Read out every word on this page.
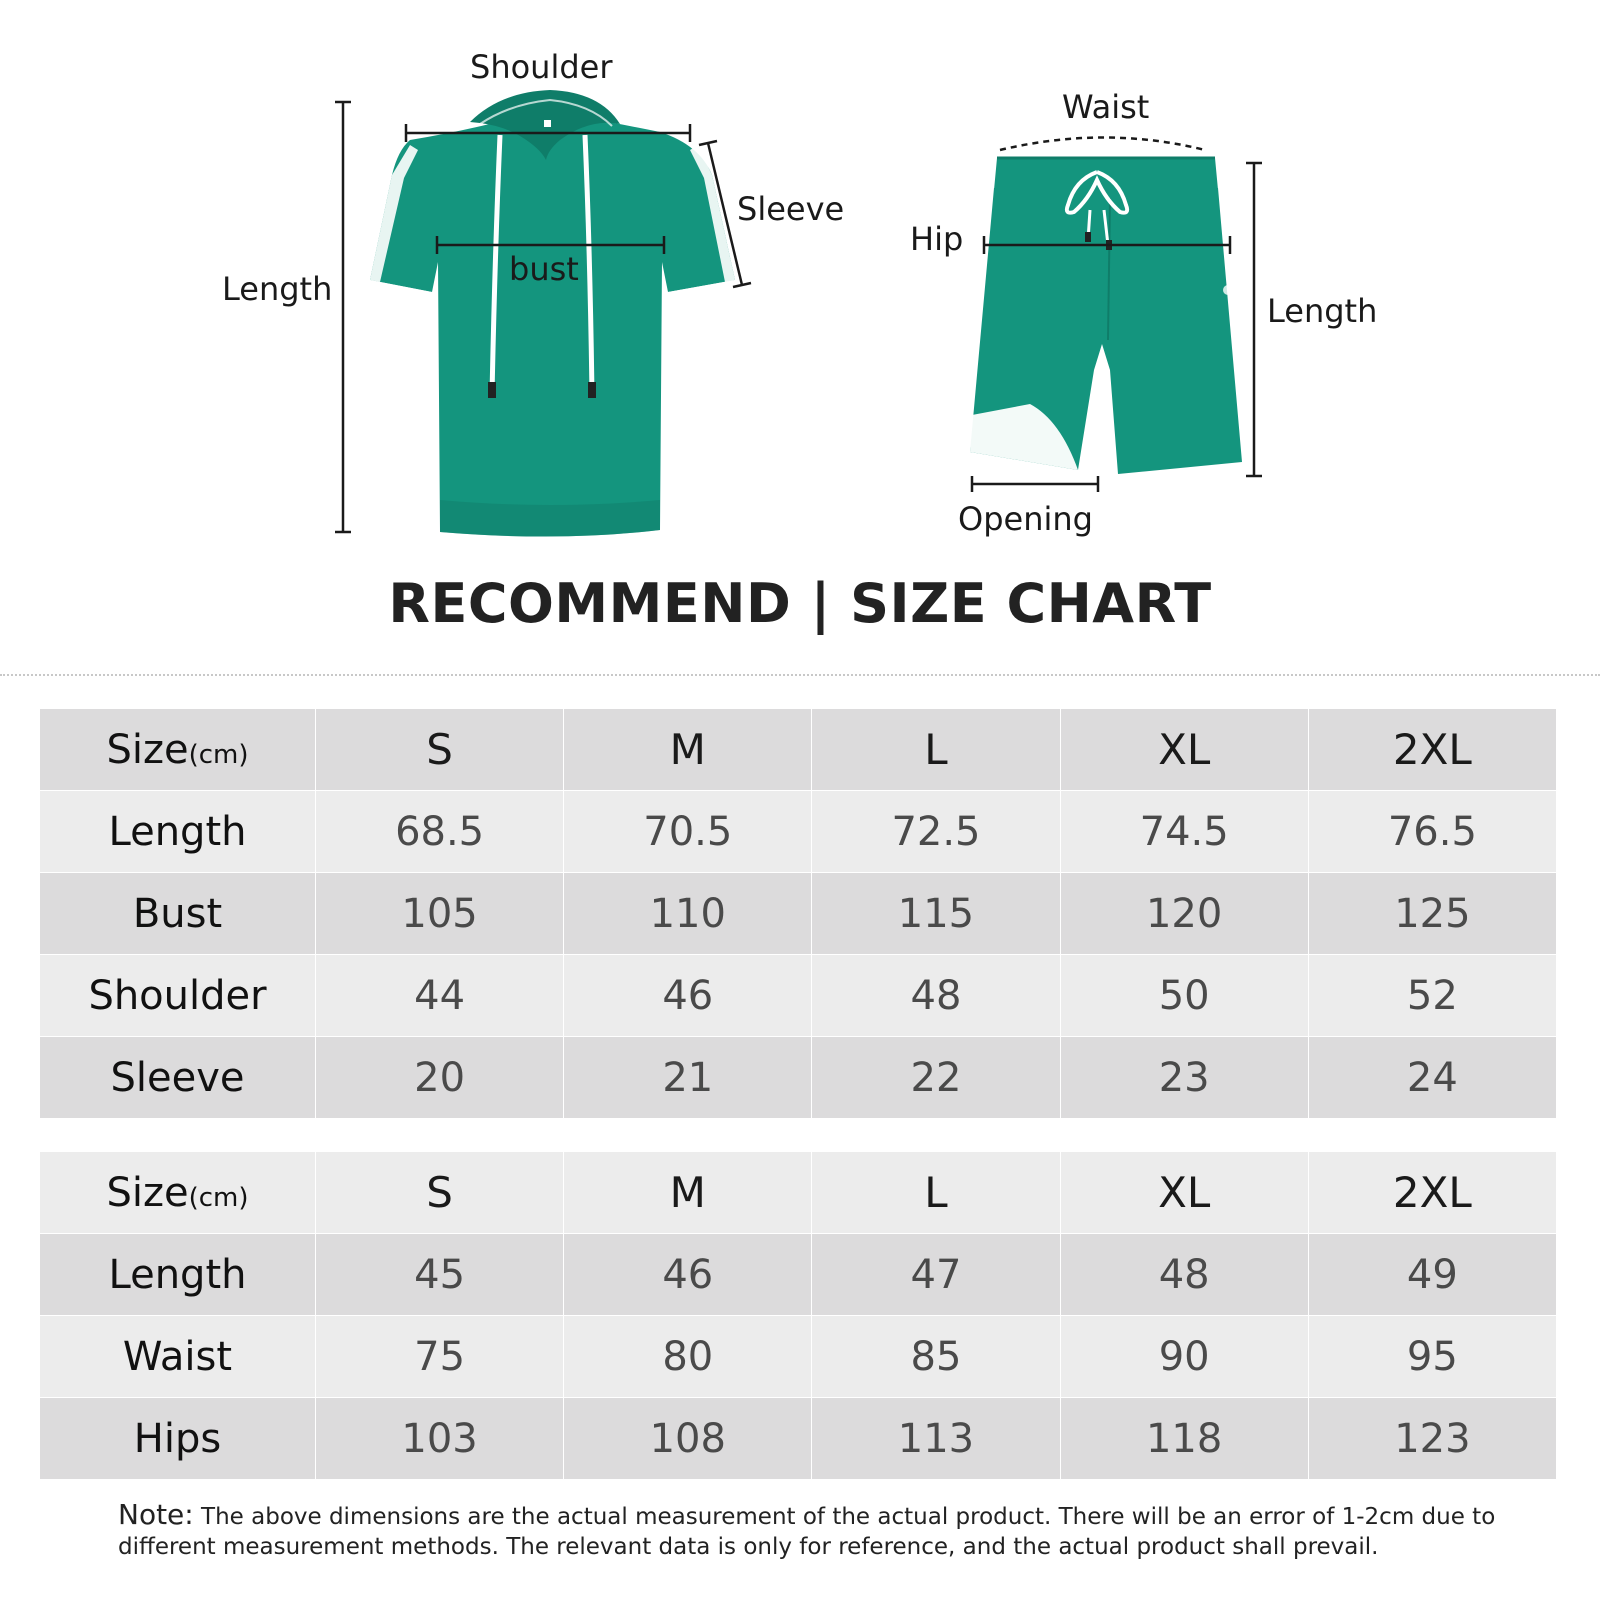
Shoulder
Sleeve
bust
Length
Waist
Hip
Length
Opening
RECOMMEND | SIZE CHART
Size(cm)	S	M	L	XL	2XL
Length	68.5	70.5	72.5	74.5	76.5
Bust	105	110	115	120	125
Shoulder	44	46	48	50	52
Sleeve	20	21	22	23	24
Size(cm)	S	M	L	XL	2XL
Length	45	46	47	48	49
Waist	75	80	85	90	95
Hips	103	108	113	118	123
Note: The above dimensions are the actual measurement of the actual product. There will be an error of 1-2cm due to different measurement methods. The relevant data is only for reference, and the actual product shall prevail.
